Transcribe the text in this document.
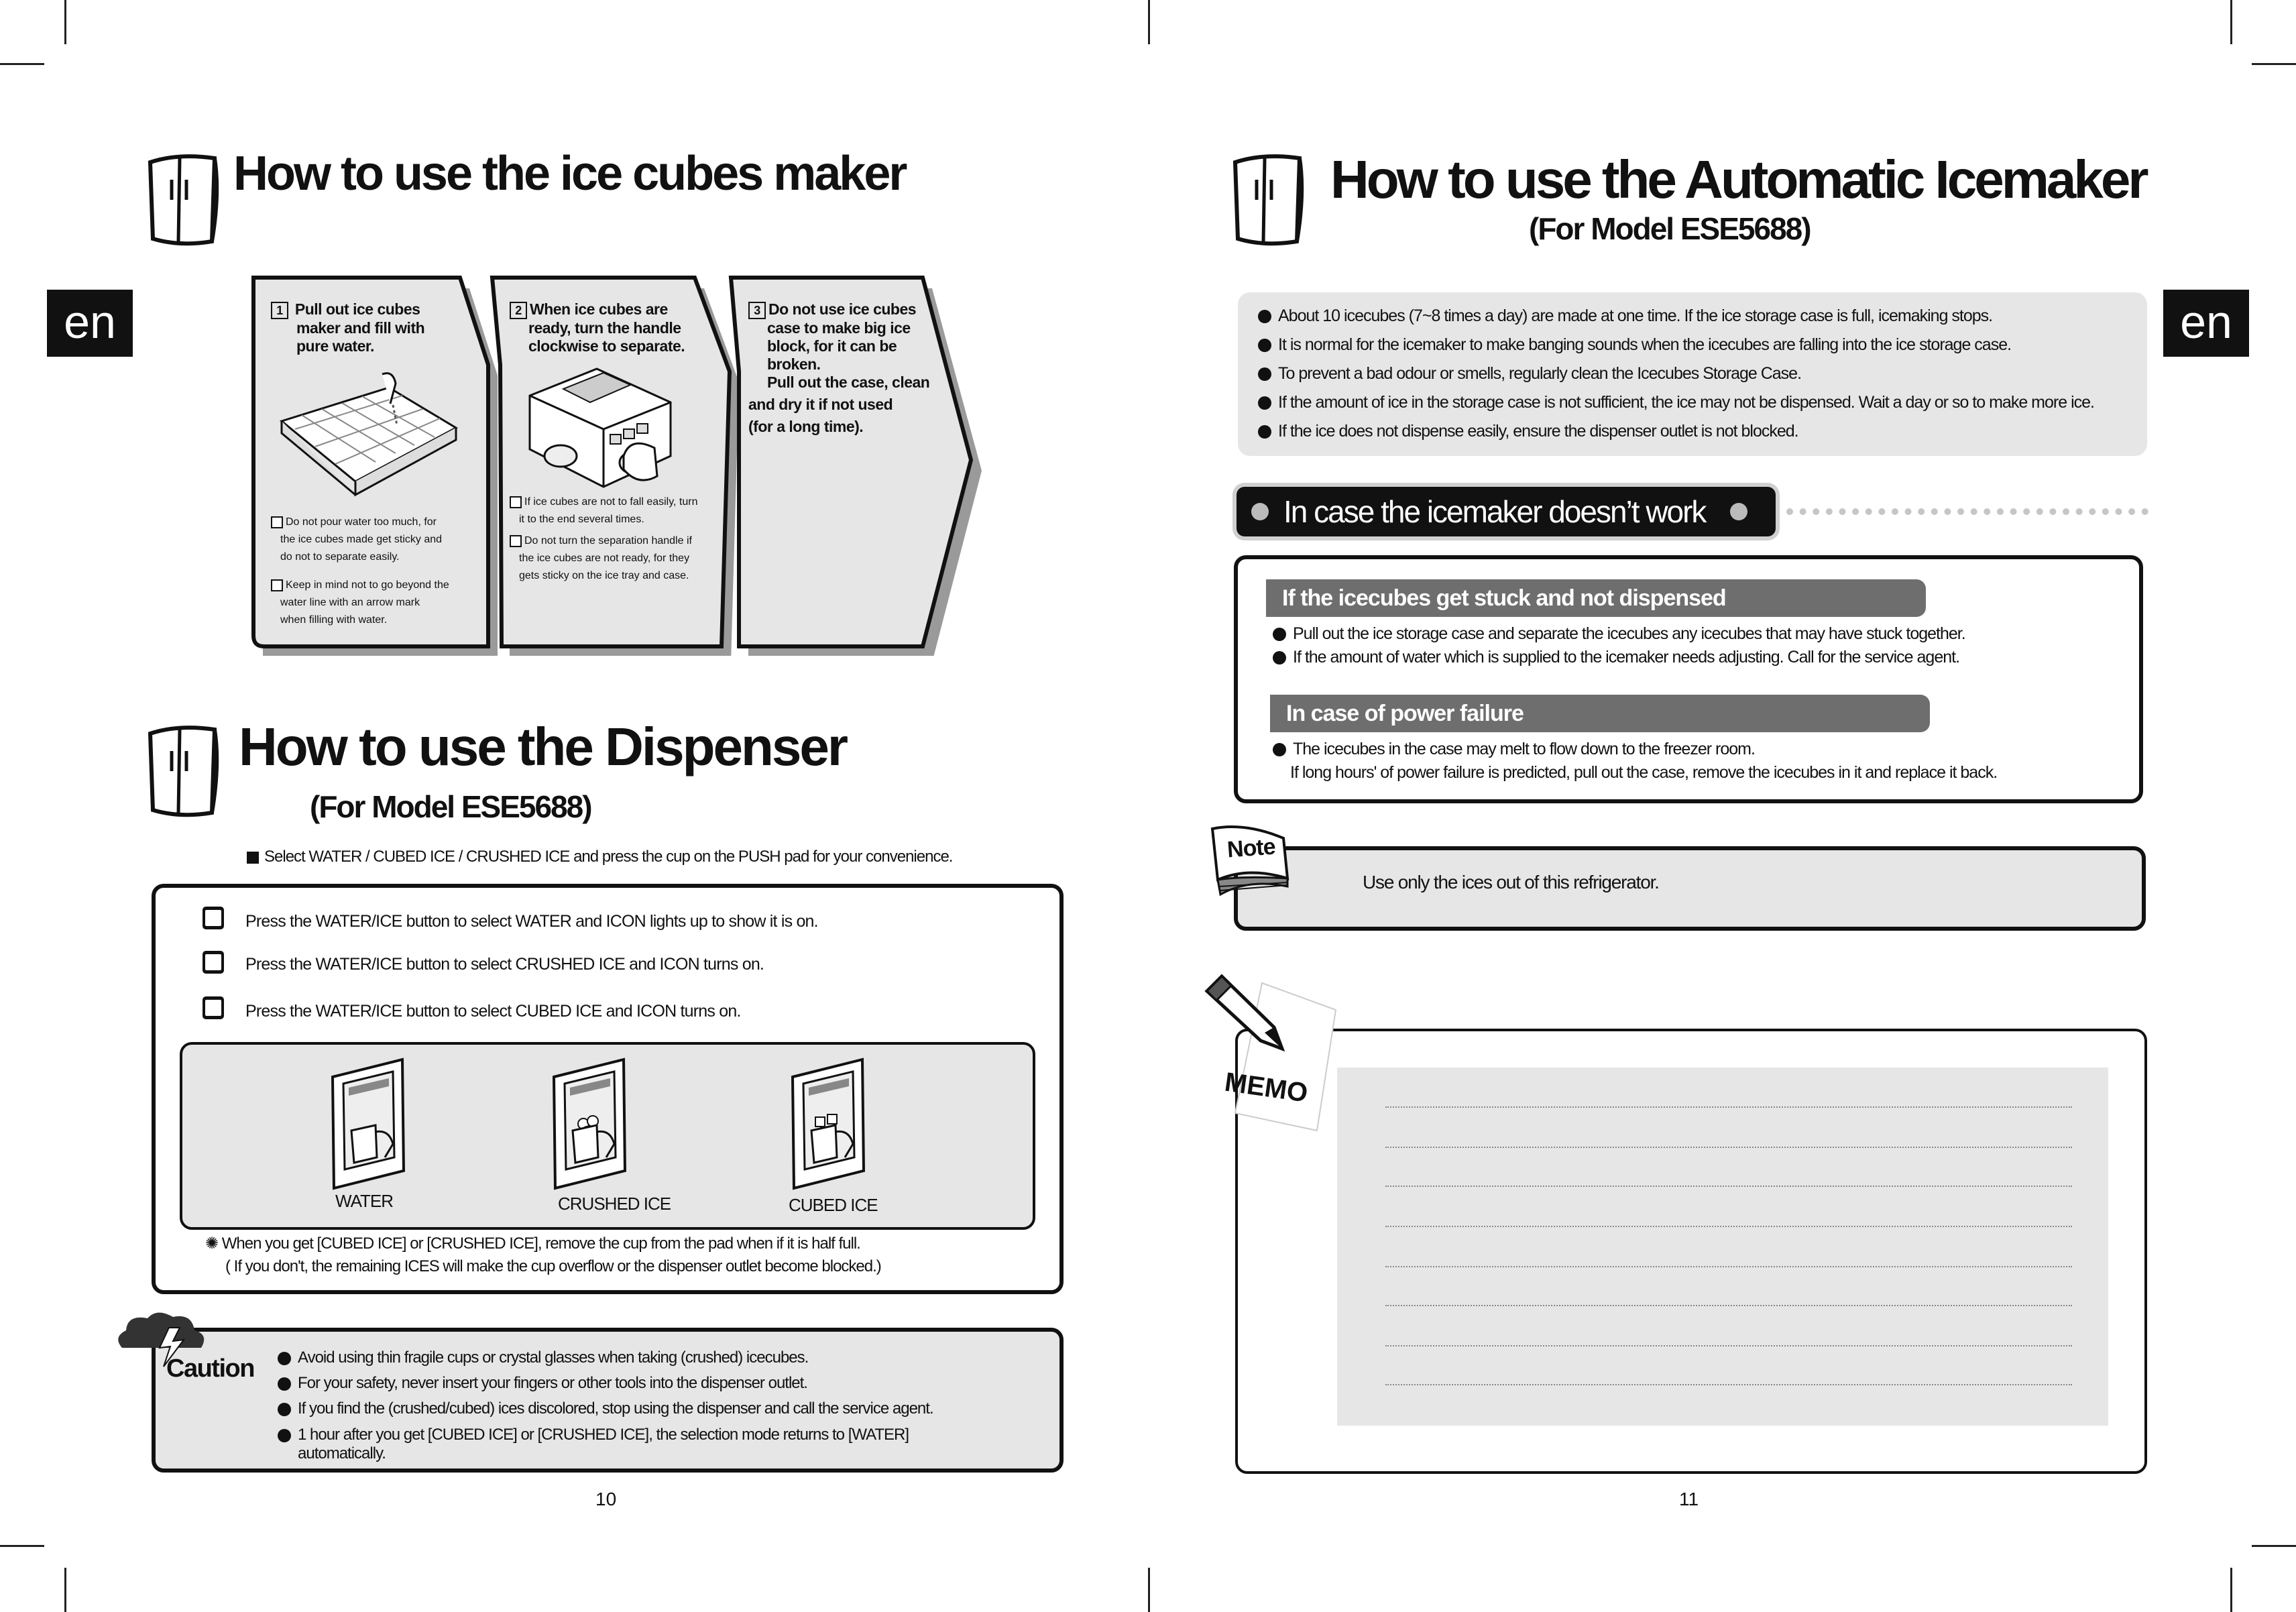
en
How to use the ice cubes maker
1 Pull out ice cubes
maker and fill with
pure water.
Do not pour water too much, for
the ice cubes made get sticky and
do not to separate easily.
Keep in mind not to go beyond the
water line with an arrow mark
when filling with water.
2 When ice cubes are
ready, turn the handle
clockwise to separate.
If ice cubes are not to fall easily, turn
it to the end several times.
Do not turn the separation handle if
the ice cubes are not ready, for they
gets sticky on the ice tray and case.
3 Do not use ice cubes
case to make big ice
block, for it can be
broken.
Pull out the case, clean
and dry it if not used
(for a long time).
How to use the Dispenser
(For Model ESE5688)
Select WATER / CUBED ICE / CRUSHED ICE and press the cup on the PUSH pad for your convenience.
Press the WATER/ICE button to select WATER and ICON lights up to show it is on.
Press the WATER/ICE button to select CRUSHED ICE and ICON turns on.
Press the WATER/ICE button to select CUBED ICE and ICON turns on.
WATER	CRUSHED ICE	CUBED ICE
✺ When you get [CUBED ICE] or [CRUSHED ICE], remove the cup from the pad when if it is half full.
( If you don't, the remaining ICES will make the cup overflow or the dispenser outlet become blocked.)
Caution	Avoid using thin fragile cups or crystal glasses when taking (crushed) icecubes.
For your safety, never insert your fingers or other tools into the dispenser outlet.
If you find the (crushed/cubed) ices discolored, stop using the dispenser and call the service agent.
1 hour after you get [CUBED ICE] or [CRUSHED ICE], the selection mode returns to [WATER]
automatically.
10
en
How to use the Automatic Icemaker
(For Model ESE5688)
About 10 icecubes (7~8 times a day) are made at one time. If the ice storage case is full, icemaking stops.
It is normal for the icemaker to make banging sounds when the icecubes are falling into the ice storage case.
To prevent a bad odour or smells, regularly clean the Icecubes Storage Case.
If the amount of ice in the storage case is not sufficient, the ice may not be dispensed. Wait a day or so to make more ice.
If the ice does not dispense easily, ensure the dispenser outlet is not blocked.
In case the icemaker doesn’t work
If the icecubes get stuck and not dispensed
Pull out the ice storage case and separate the icecubes any icecubes that may have stuck together.
If the amount of water which is supplied to the icemaker needs adjusting. Call for the service agent.
In case of power failure
The icecubes in the case may melt to flow down to the freezer room.
If long hours' of power failure is predicted, pull out the case, remove the icecubes in it and replace it back.
Note
Use only the ices out of this refrigerator.
MEMO
11
